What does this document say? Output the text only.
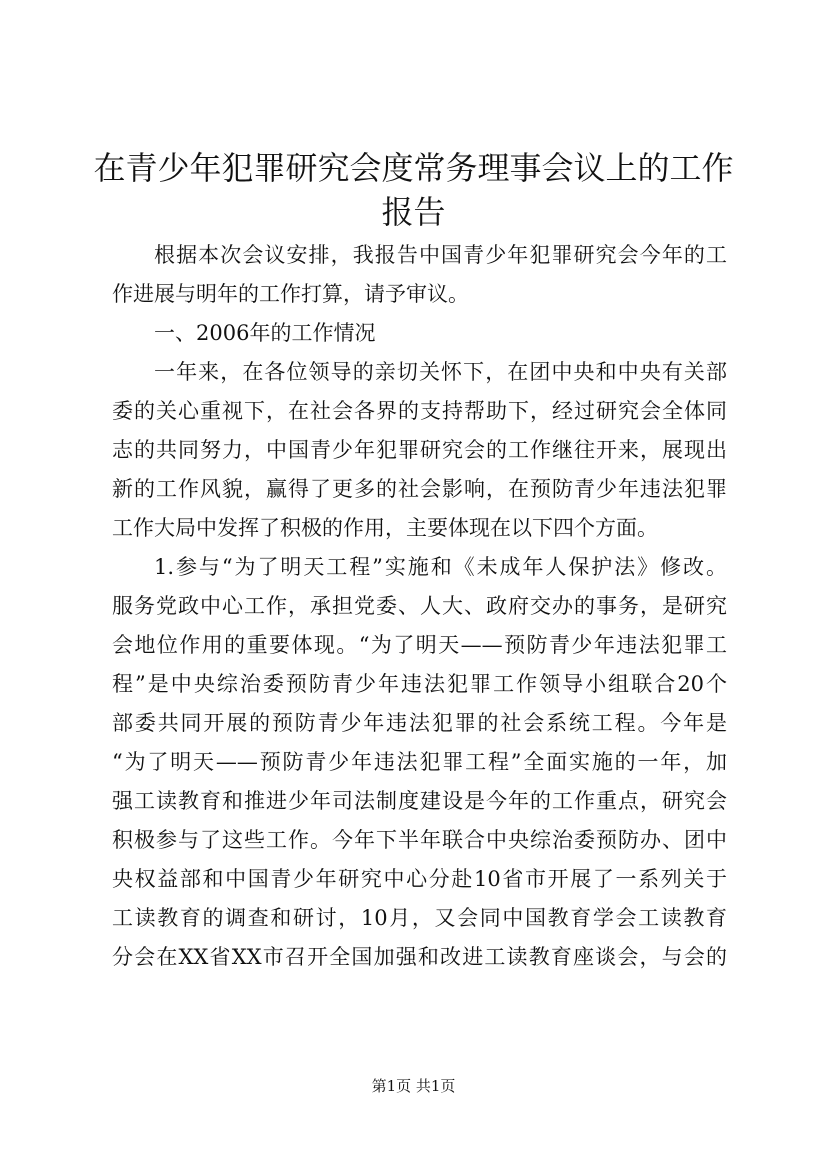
在青少年犯罪研究会度常务理事会议上的工作
报告
根据本次会议安排，我报告中国青少年犯罪研究会今年的工
作进展与明年的工作打算，请予审议。
一、2006年的工作情况
一年来，在各位领导的亲切关怀下，在团中央和中央有关部
委的关心重视下，在社会各界的支持帮助下，经过研究会全体同
志的共同努力，中国青少年犯罪研究会的工作继往开来，展现出
新的工作风貌，赢得了更多的社会影响，在预防青少年违法犯罪
工作大局中发挥了积极的作用，主要体现在以下四个方面。
1.参与“为了明天工程”实施和《未成年人保护法》修改。
服务党政中心工作，承担党委、人大、政府交办的事务，是研究
会地位作用的重要体现。“为了明天——预防青少年违法犯罪工
程”是中央综治委预防青少年违法犯罪工作领导小组联合20个
部委共同开展的预防青少年违法犯罪的社会系统工程。今年是
“为了明天——预防青少年违法犯罪工程”全面实施的一年，加
强工读教育和推进少年司法制度建设是今年的工作重点，研究会
积极参与了这些工作。今年下半年联合中央综治委预防办、团中
央权益部和中国青少年研究中心分赴10省市开展了一系列关于
工读教育的调查和研讨，10月，又会同中国教育学会工读教育
分会在XX省XX市召开全国加强和改进工读教育座谈会，与会的
第1页 共1页
